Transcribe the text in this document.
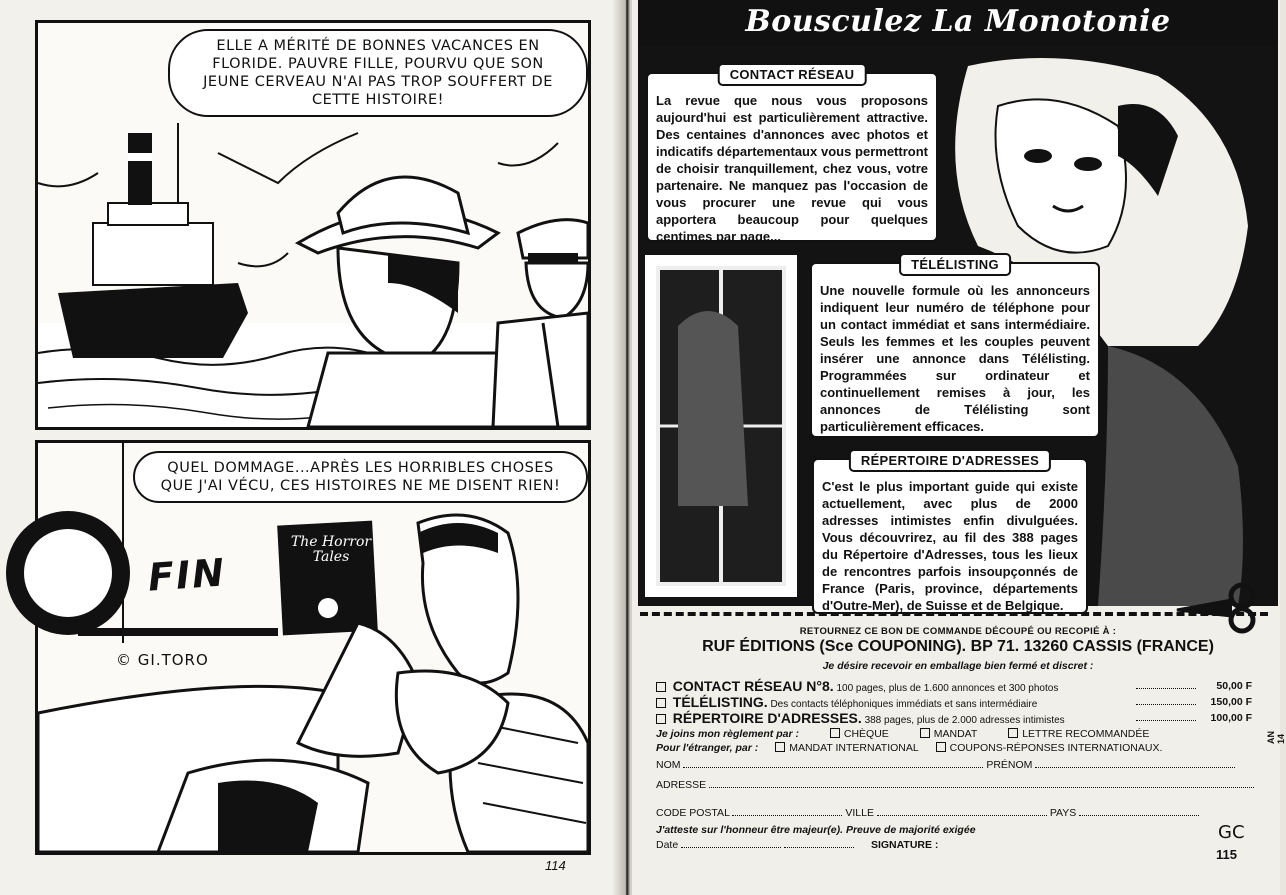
ELLE A MÉRITÉ DE BONNES VACANCES EN FLORIDE. PAUVRE FILLE, POURVU QUE SON JEUNE CERVEAU N'AI PAS TROP SOUFFERT DE CETTE HISTOIRE!
QUEL DOMMAGE...APRÈS LES HORRIBLES CHOSES QUE J'AI VÉCU, CES HISTOIRES NE ME DISENT RIEN!
The Horror Tales
FIN
© GI.TORO
114
Bousculez La Monotonie
CONTACT RÉSEAU
La revue que nous vous proposons aujourd'hui est particulièrement attractive. Des centaines d'annonces avec photos et indicatifs départementaux vous permettront de choisir tranquillement, chez vous, votre partenaire. Ne manquez pas l'occasion de vous procurer une revue qui vous apportera beaucoup pour quelques centimes par page...
TÉLÉLISTING
Une nouvelle formule où les annonceurs indiquent leur numéro de téléphone pour un contact immédiat et sans intermédiaire. Seuls les femmes et les couples peuvent insérer une annonce dans Télélisting. Programmées sur ordinateur et continuellement remises à jour, les annonces de Télélisting sont particulièrement efficaces.
RÉPERTOIRE D'ADRESSES
C'est le plus important guide qui existe actuellement, avec plus de 2000 adresses intimistes enfin divulguées. Vous découvrirez, au fil des 388 pages du Répertoire d'Adresses, tous les lieux de rencontres parfois insoupçonnés de France (Paris, province, départements d'Outre-Mer), de Suisse et de Belgique.
RETOURNEZ CE BON DE COMMANDE DÉCOUPÉ OU RECOPIÉ À :
RUF ÉDITIONS (Sce COUPONING). BP 71. 13260 CASSIS (FRANCE)
Je désire recevoir en emballage bien fermé et discret :
CONTACT RÉSEAU N°8. 100 pages, plus de 1.600 annonces et 300 photos	50,00 F
TÉLÉLISTING. Des contacts téléphoniques immédiats et sans intermédiaire	150,00 F
RÉPERTOIRE D'ADRESSES. 388 pages, plus de 2.000 adresses intimistes	100,00 F
AN 14
Je joins mon règlement par :	CHÈQUE	MANDAT	LETTRE RECOMMANDÉE
Pour l'étranger, par :	MANDAT INTERNATIONAL	COUPONS-RÉPONSES INTERNATIONAUX.
NOM	PRÉNOM
ADRESSE
CODE POSTAL	VILLE	PAYS
J'atteste sur l'honneur être majeur(e). Preuve de majorité exigée
Date	SIGNATURE :
GC
115
